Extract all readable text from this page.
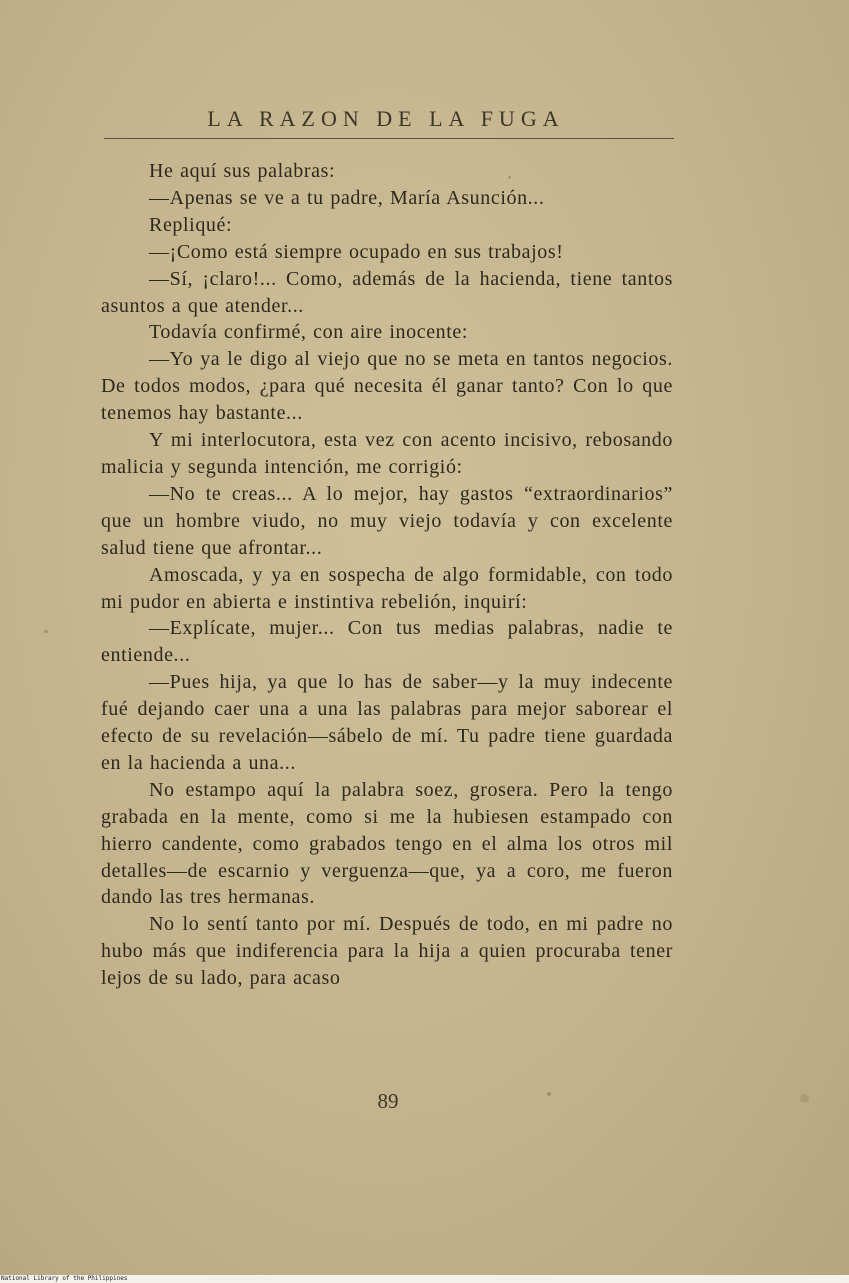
LA RAZON DE LA FUGA

He aquí sus palabras:

—Apenas se ve a tu padre, María Asunción...

Repliqué:

—¡Como está siempre ocupado en sus trabajos!

—Sí, ¡claro!... Como, además de la hacienda, tiene tantos asuntos a que atender...

Todavía confirmé, con aire inocente:

—Yo ya le digo al viejo que no se meta en tantos negocios. De todos modos, ¿para qué necesita él ganar tanto? Con lo que tenemos hay bastante...

Y mi interlocutora, esta vez con acento incisivo, rebosando malicia y segunda intención, me corrigió:

—No te creas... A lo mejor, hay gastos “extraordinarios” que un hombre viudo, no muy viejo todavía y con excelente salud tiene que afrontar...

Amoscada, y ya en sospecha de algo formidable, con todo mi pudor en abierta e instintiva rebelión, inquirí:

—Explícate, mujer... Con tus medias palabras, nadie te entiende...

—Pues hija, ya que lo has de saber—y la muy indecente fué dejando caer una a una las palabras para mejor saborear el efecto de su revelación—sábelo de mí. Tu padre tiene guardada en la hacienda a una...

No estampo aquí la palabra soez, grosera. Pero la tengo grabada en la mente, como si me la hubiesen estampado con hierro candente, como grabados tengo en el alma los otros mil detalles—de escarnio y verguenza—que, ya a coro, me fueron dando las tres hermanas.

No lo sentí tanto por mí. Después de todo, en mi padre no hubo más que indiferencia para la hija a quien procuraba tener lejos de su lado, para acaso

89
National Library of the Philippines
